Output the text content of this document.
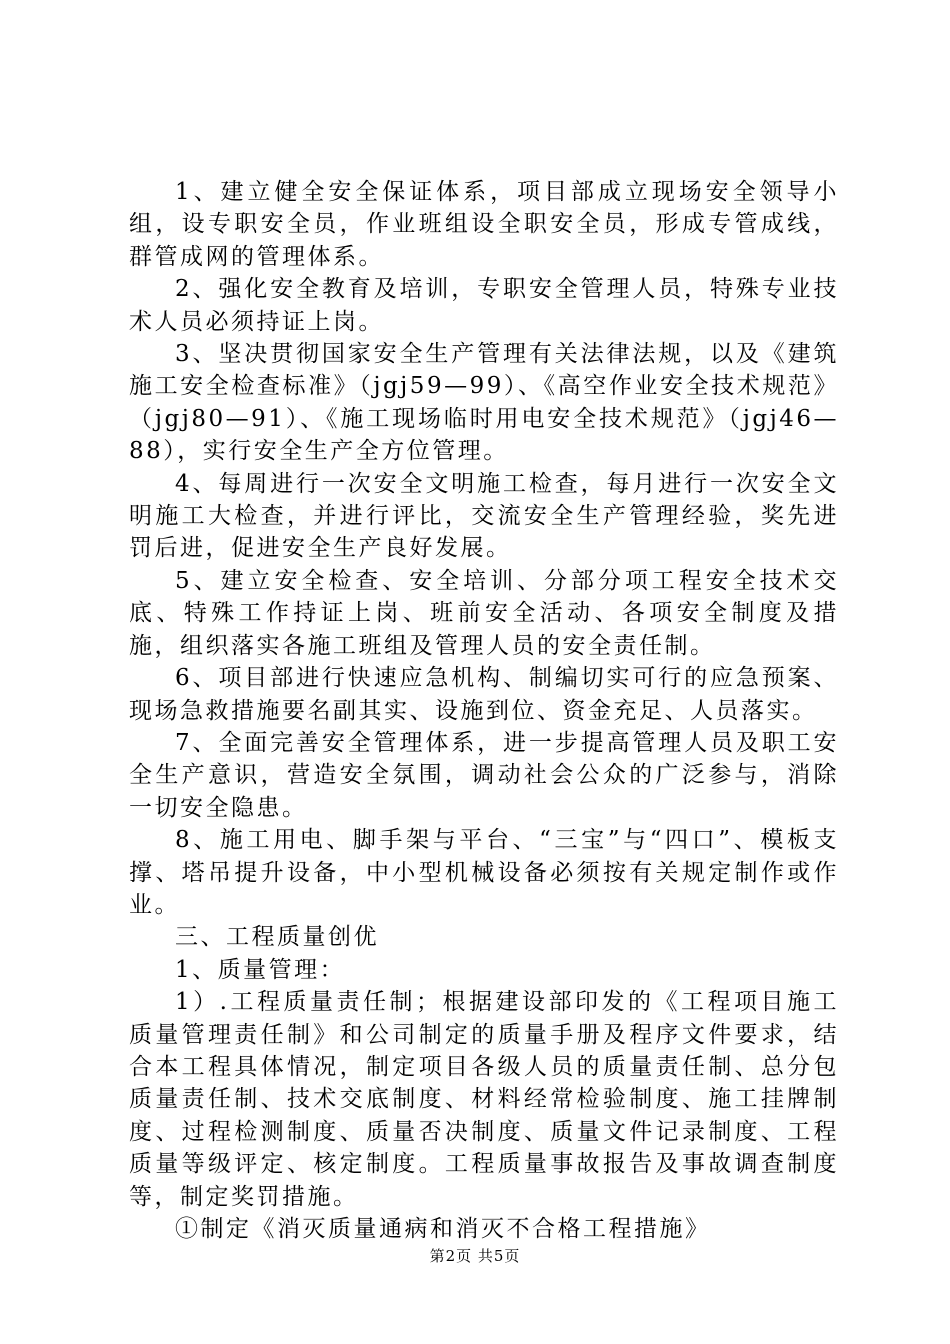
1、建立健全安全保证体系，项目部成立现场安全领导小组，设专职安全员，作业班组设全职安全员，形成专管成线，群管成网的管理体系。

2、强化安全教育及培训，专职安全管理人员，特殊专业技术人员必须持证上岗。

3、坚决贯彻国家安全生产管理有关法律法规，以及《建筑施工安全检查标准》（jgj59—99）、《高空作业安全技术规范》（jgj80—91）、《施工现场临时用电安全技术规范》（jgj46—88），实行安全生产全方位管理。

4、每周进行一次安全文明施工检查，每月进行一次安全文明施工大检查，并进行评比，交流安全生产管理经验，奖先进罚后进，促进安全生产良好发展。

5、建立安全检查、安全培训、分部分项工程安全技术交底、特殊工作持证上岗、班前安全活动、各项安全制度及措施，组织落实各施工班组及管理人员的安全责任制。

6、项目部进行快速应急机构、制编切实可行的应急预案、现场急救措施要名副其实、设施到位、资金充足、人员落实。

7、全面完善安全管理体系，进一步提高管理人员及职工安全生产意识，营造安全氛围，调动社会公众的广泛参与，消除一切安全隐患。

8、施工用电、脚手架与平台、“三宝”与“四口”、模板支撑、塔吊提升设备，中小型机械设备必须按有关规定制作或作业。

三、工程质量创优

1、质量管理：

1）.工程质量责任制；根据建设部印发的《工程项目施工质量管理责任制》和公司制定的质量手册及程序文件要求，结合本工程具体情况，制定项目各级人员的质量责任制、总分包质量责任制、技术交底制度、材料经常检验制度、施工挂牌制度、过程检测制度、质量否决制度、质量文件记录制度、工程质量等级评定、核定制度。工程质量事故报告及事故调查制度等，制定奖罚措施。

①制定《消灭质量通病和消灭不合格工程措施》

第2页 共5页
